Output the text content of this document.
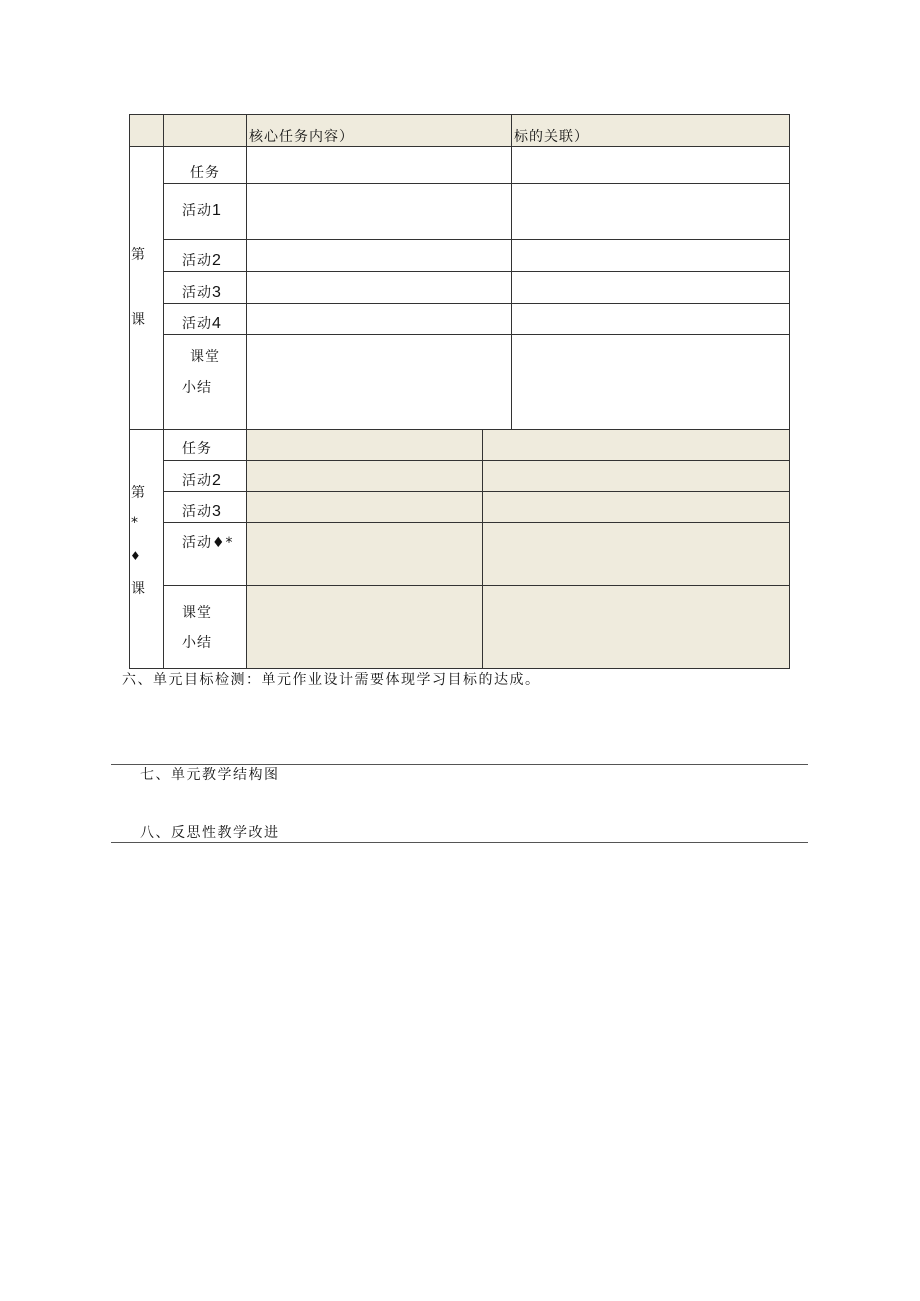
核心任务内容）	标的关联）
第
课
任务
活动1
活动2
活动3
活动4
课堂
小结
第
*
♦
课
任务
活动2
活动3
活动♦*
课堂
小结
六、单元目标检测：单元作业设计需要体现学习目标的达成。
七、单元教学结构图
八、反思性教学改进
